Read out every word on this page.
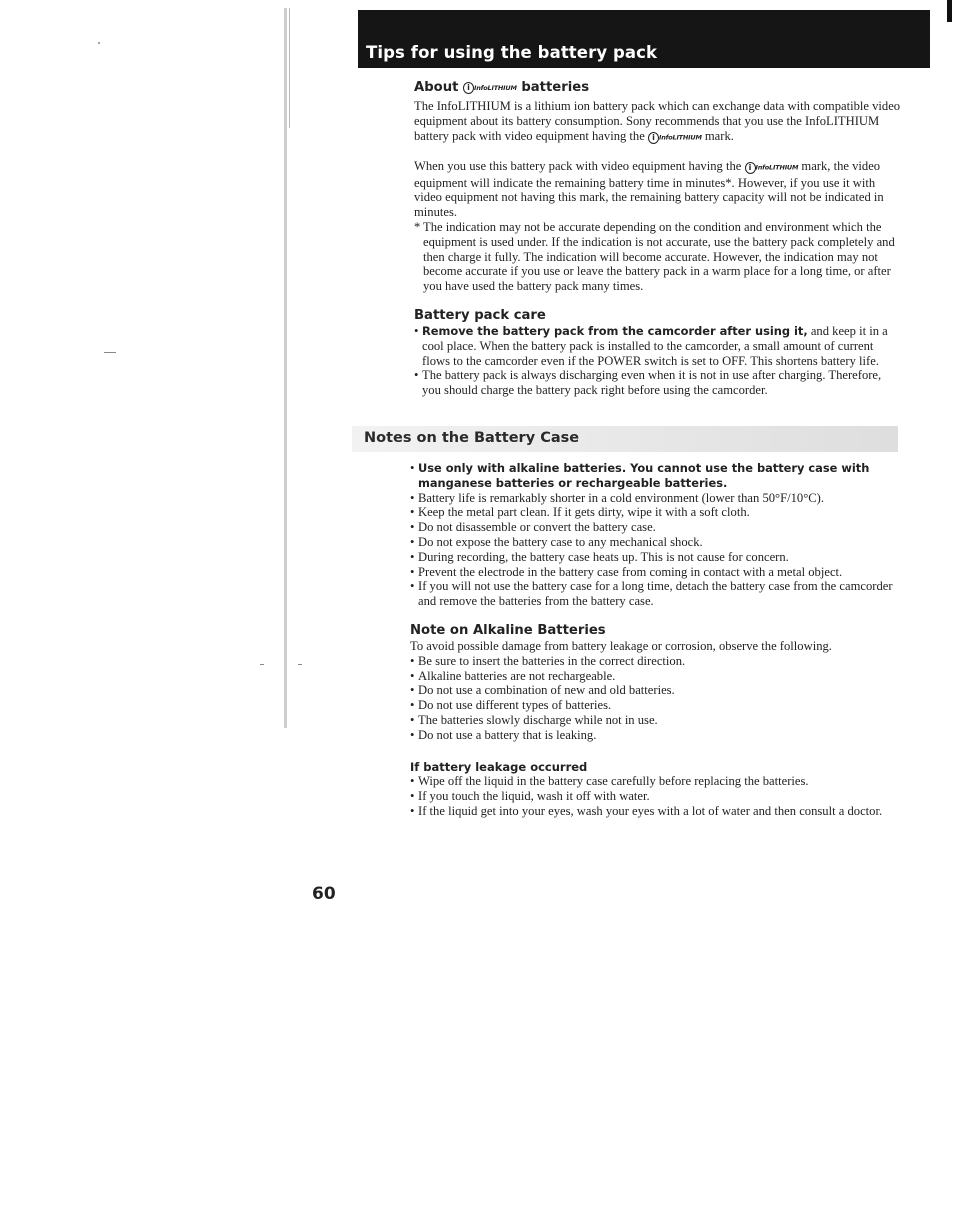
Tips for using the battery pack
About i InfoLITHIUM batteries

The InfoLITHIUM is a lithium ion battery pack which can exchange data with compatible video equipment about its battery consumption. Sony recommends that you use the InfoLITHIUM battery pack with video equipment having the i InfoLITHIUM mark.

When you use this battery pack with video equipment having the i InfoLITHIUM mark, the video equipment will indicate the remaining battery time in minutes*. However, if you use it with video equipment not having this mark, the remaining battery capacity will not be indicated in minutes.

* The indication may not be accurate depending on the condition and environment which the equipment is used under. If the indication is not accurate, use the battery pack completely and then charge it fully. The indication will become accurate. However, the indication may not become accurate if you use or leave the battery pack in a warm place for a long time, or after you have used the battery pack many times.
Battery pack care
• Remove the battery pack from the camcorder after using it, and keep it in a cool place. When the battery pack is installed to the camcorder, a small amount of current flows to the camcorder even if the POWER switch is set to OFF. This shortens battery life.
• The battery pack is always discharging even when it is not in use after charging. Therefore, you should charge the battery pack right before using the camcorder.
• Use only with alkaline batteries. You cannot use the battery case with manganese batteries or rechargeable batteries.
• Battery life is remarkably shorter in a cold environment (lower than 50°F/10°C).
• Keep the metal part clean. If it gets dirty, wipe it with a soft cloth.
• Do not disassemble or convert the battery case.
• Do not expose the battery case to any mechanical shock.
• During recording, the battery case heats up. This is not cause for concern.
• Prevent the electrode in the battery case from coming in contact with a metal object.
• If you will not use the battery case for a long time, detach the battery case from the camcorder and remove the batteries from the battery case.
Note on Alkaline Batteries

To avoid possible damage from battery leakage or corrosion, observe the following.

• Be sure to insert the batteries in the correct direction.
• Alkaline batteries are not rechargeable.
• Do not use a combination of new and old batteries.
• Do not use different types of batteries.
• The batteries slowly discharge while not in use.
• Do not use a battery that is leaking.
If battery leakage occurred
• Wipe off the liquid in the battery case carefully before replacing the batteries.
• If you touch the liquid, wash it off with water.
• If the liquid get into your eyes, wash your eyes with a lot of water and then consult a doctor.
Notes on the Battery Case
60
